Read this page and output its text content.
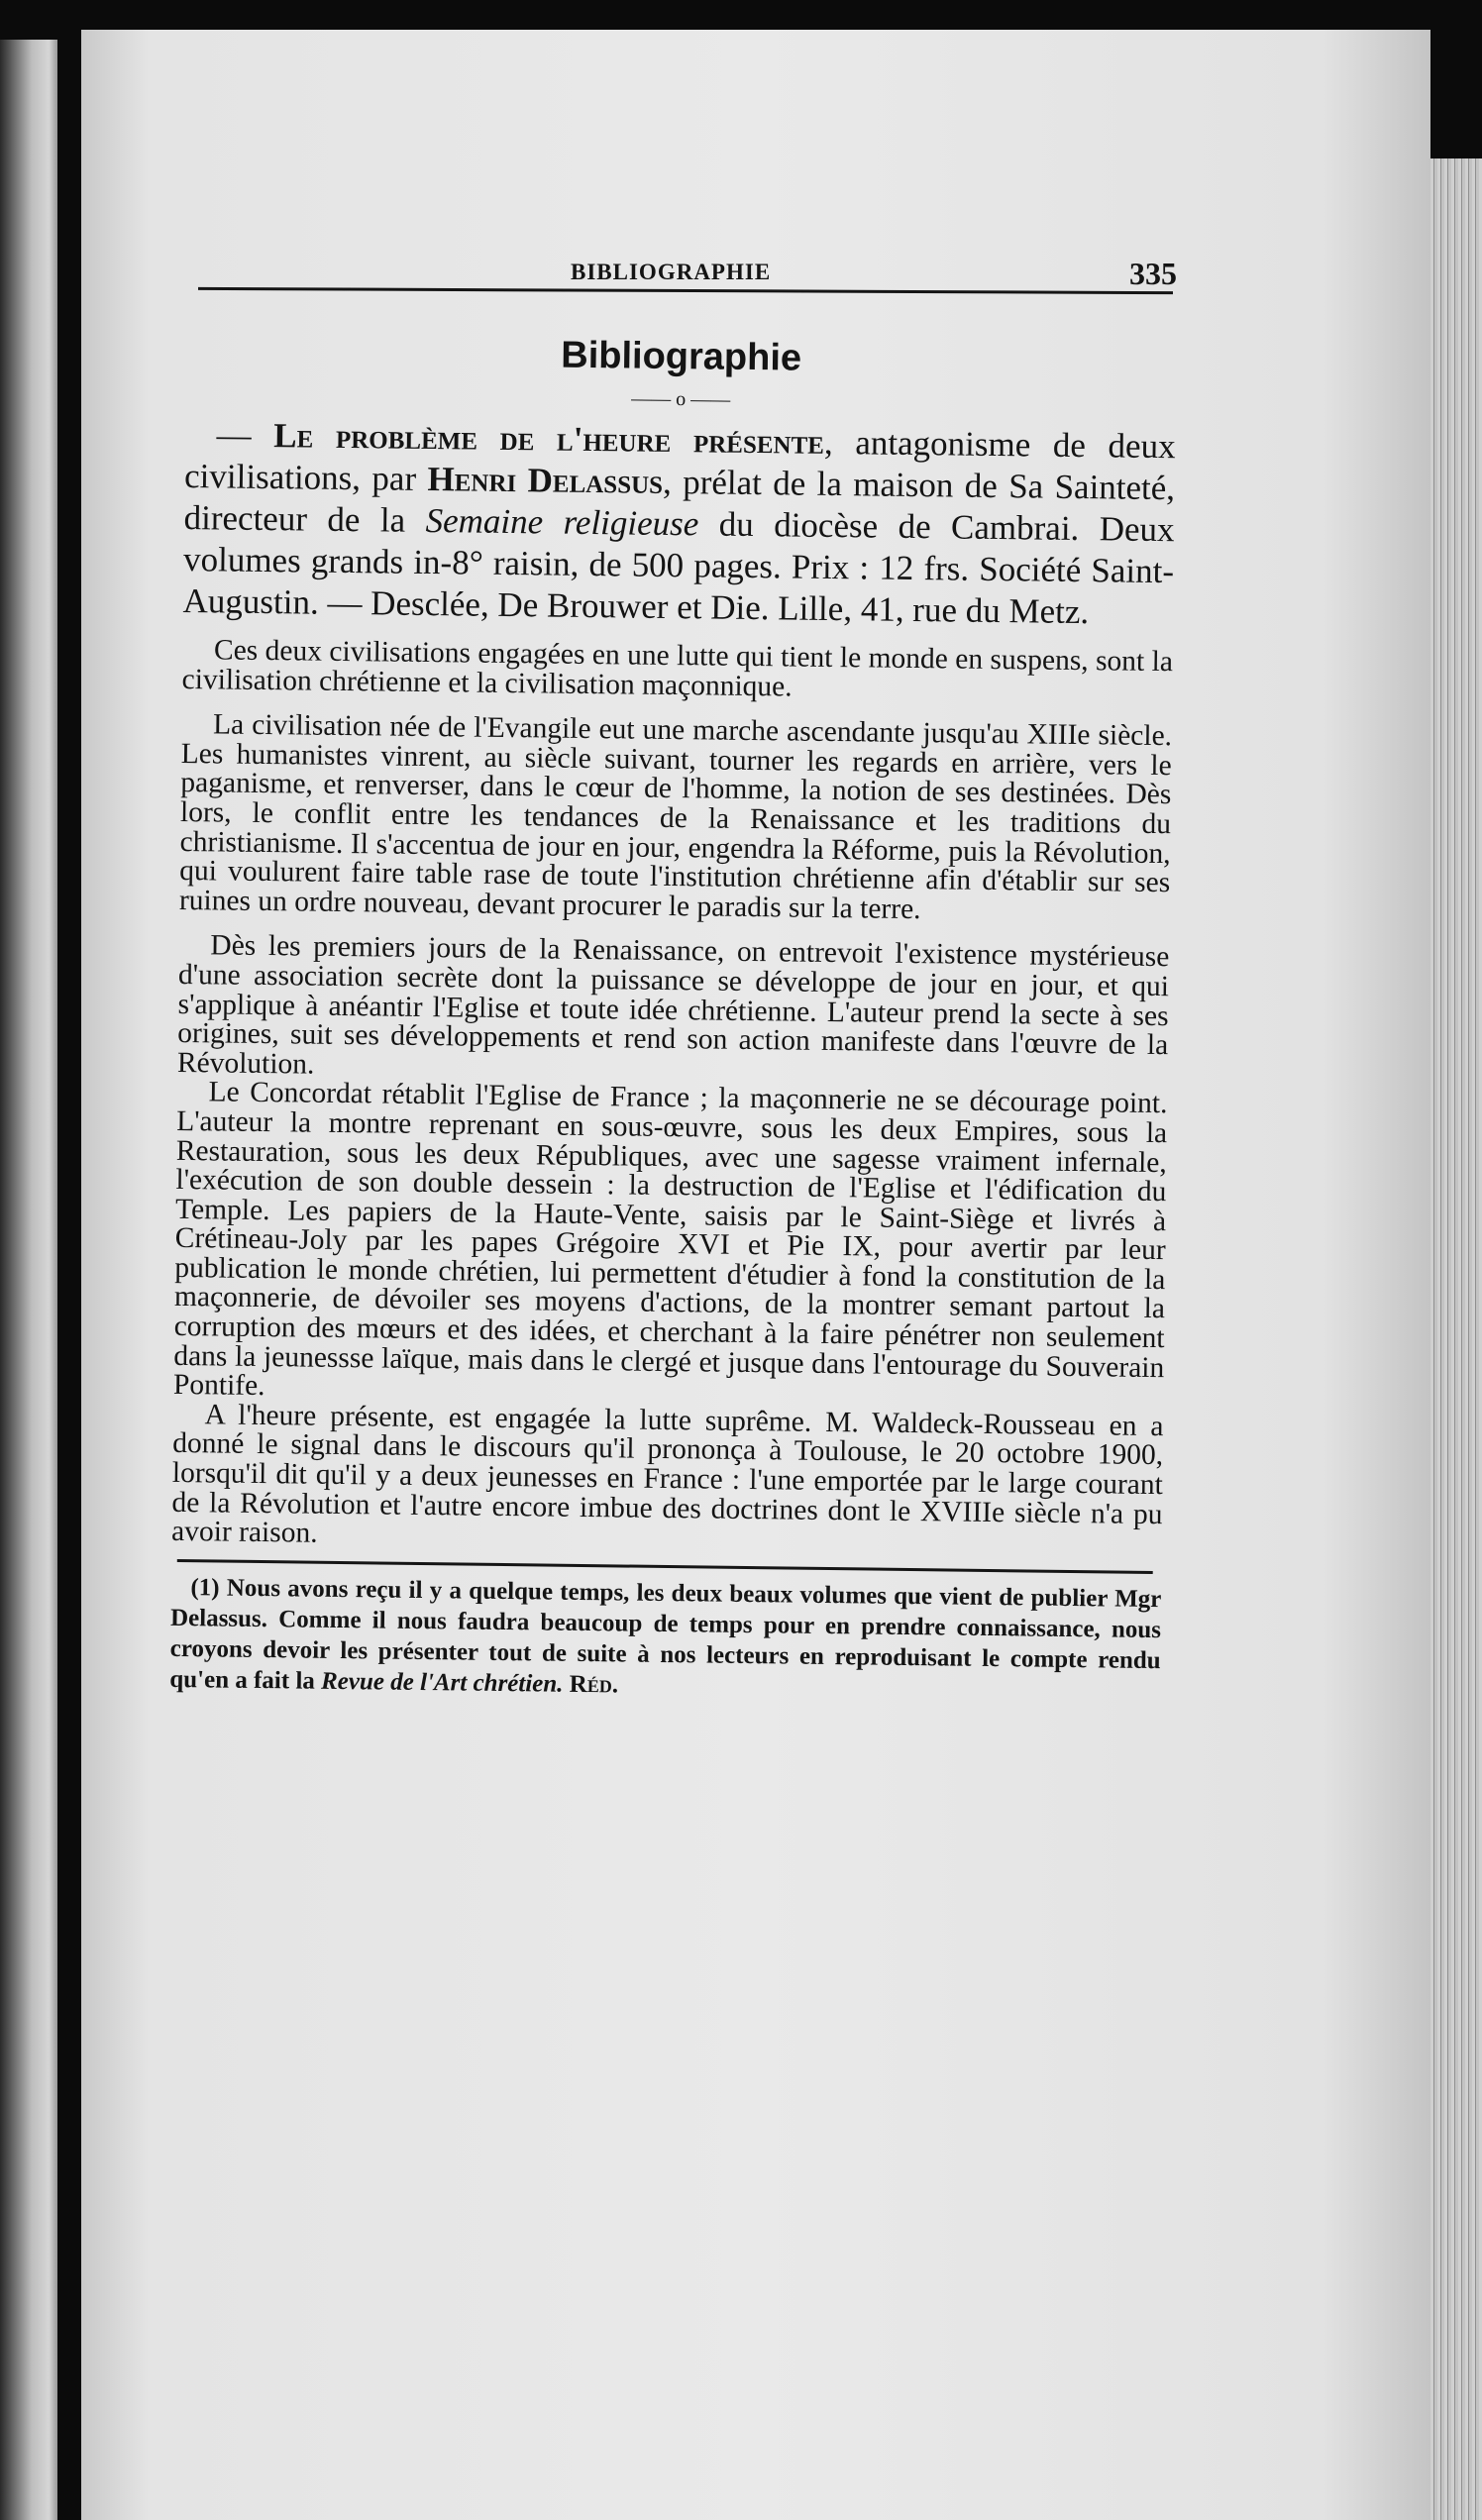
BIBLIOGRAPHIE	335
Bibliographie
—— o ——

— Le problème de l'heure présente, antagonisme de deux civilisations, par Henri Delassus, prélat de la maison de Sa Sainteté, directeur de la Semaine religieuse du diocèse de Cambrai. Deux volumes grands in-8° raisin, de 500 pages. Prix : 12 frs. Société Saint-Augustin. — Desclée, De Brouwer et Die. Lille, 41, rue du Metz.

Ces deux civilisations engagées en une lutte qui tient le monde en suspens, sont la civilisation chrétienne et la civilisation maçonnique.

La civilisation née de l'Evangile eut une marche ascendante jusqu'au XIIIe siècle. Les humanistes vinrent, au siècle suivant, tourner les regards en arrière, vers le paganisme, et renverser, dans le cœur de l'homme, la notion de ses destinées. Dès lors, le conflit entre les tendances de la Renaissance et les traditions du christianisme. Il s'accentua de jour en jour, engendra la Réforme, puis la Révolution, qui voulurent faire table rase de toute l'institution chrétienne afin d'établir sur ses ruines un ordre nouveau, devant procurer le paradis sur la terre.

Dès les premiers jours de la Renaissance, on entrevoit l'existence mystérieuse d'une association secrète dont la puissance se développe de jour en jour, et qui s'applique à anéantir l'Eglise et toute idée chrétienne. L'auteur prend la secte à ses origines, suit ses développements et rend son action manifeste dans l'œuvre de la Révolution.

Le Concordat rétablit l'Eglise de France ; la maçonnerie ne se décourage point. L'auteur la montre reprenant en sous-œuvre, sous les deux Empires, sous la Restauration, sous les deux Républiques, avec une sagesse vraiment infernale, l'exécution de son double dessein : la destruction de l'Eglise et l'édification du Temple. Les papiers de la Haute-Vente, saisis par le Saint-Siège et livrés à Crétineau-Joly par les papes Grégoire XVI et Pie IX, pour avertir par leur publication le monde chrétien, lui permettent d'étudier à fond la constitution de la maçonnerie, de dévoiler ses moyens d'actions, de la montrer semant partout la corruption des mœurs et des idées, et cherchant à la faire pénétrer non seulement dans la jeunessse laïque, mais dans le clergé et jusque dans l'entourage du Souverain Pontife.

A l'heure présente, est engagée la lutte suprême. M. Waldeck-Rousseau en a donné le signal dans le discours qu'il prononça à Toulouse, le 20 octobre 1900, lorsqu'il dit qu'il y a deux jeunesses en France : l'une emportée par le large courant de la Révolution et l'autre encore imbue des doctrines dont le XVIIIe siècle n'a pu avoir raison.

(1) Nous avons reçu il y a quelque temps, les deux beaux volumes que vient de publier Mgr Delassus. Comme il nous faudra beaucoup de temps pour en prendre connaissance, nous croyons devoir les présenter tout de suite à nos lecteurs en reproduisant le compte rendu qu'en a fait la Revue de l'Art chrétien. Réd.
